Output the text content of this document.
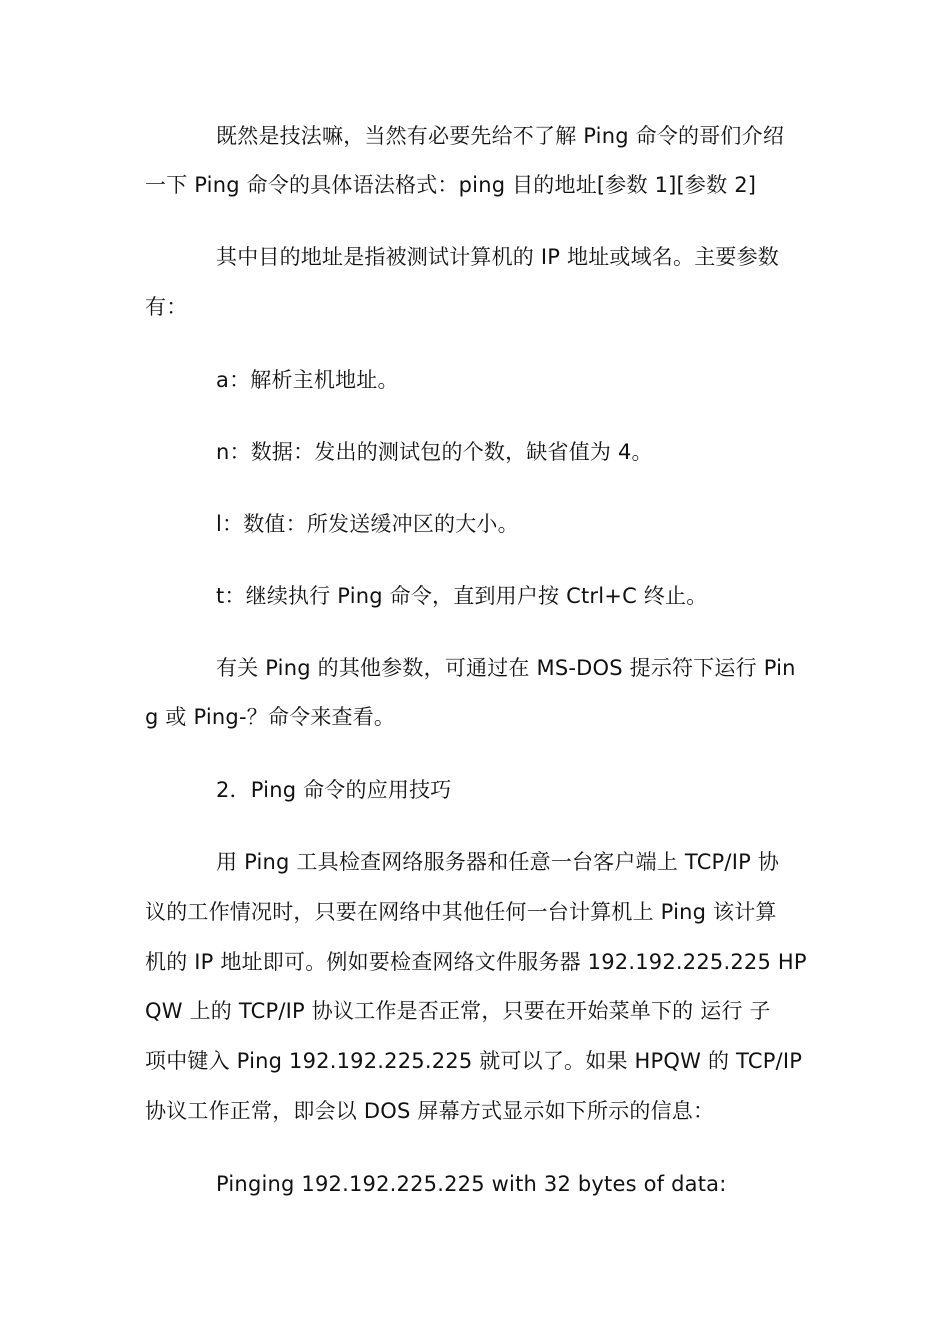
既然是技法嘛，当然有必要先给不了解 Ping 命令的哥们介绍
一下 Ping 命令的具体语法格式：ping 目的地址[参数 1][参数 2]
其中目的地址是指被测试计算机的 IP 地址或域名。主要参数
有：
a：解析主机地址。
n：数据：发出的测试包的个数，缺省值为 4。
l：数值：所发送缓冲区的大小。
t：继续执行 Ping 命令，直到用户按 Ctrl+C 终止。
有关 Ping 的其他参数，可通过在 MS-DOS 提示符下运行 Pin
g 或 Ping-？命令来查看。
2．Ping 命令的应用技巧
用 Ping 工具检查网络服务器和任意一台客户端上 TCP/IP 协
议的工作情况时，只要在网络中其他任何一台计算机上 Ping 该计算
机的 IP 地址即可。例如要检查网络文件服务器 192.192.225.225 HP
QW 上的 TCP/IP 协议工作是否正常，只要在开始菜单下的 运行 子
项中键入 Ping 192.192.225.225 就可以了。如果 HPQW 的 TCP/IP
协议工作正常，即会以 DOS 屏幕方式显示如下所示的信息：
Pinging 192.192.225.225 with 32 bytes of data:
